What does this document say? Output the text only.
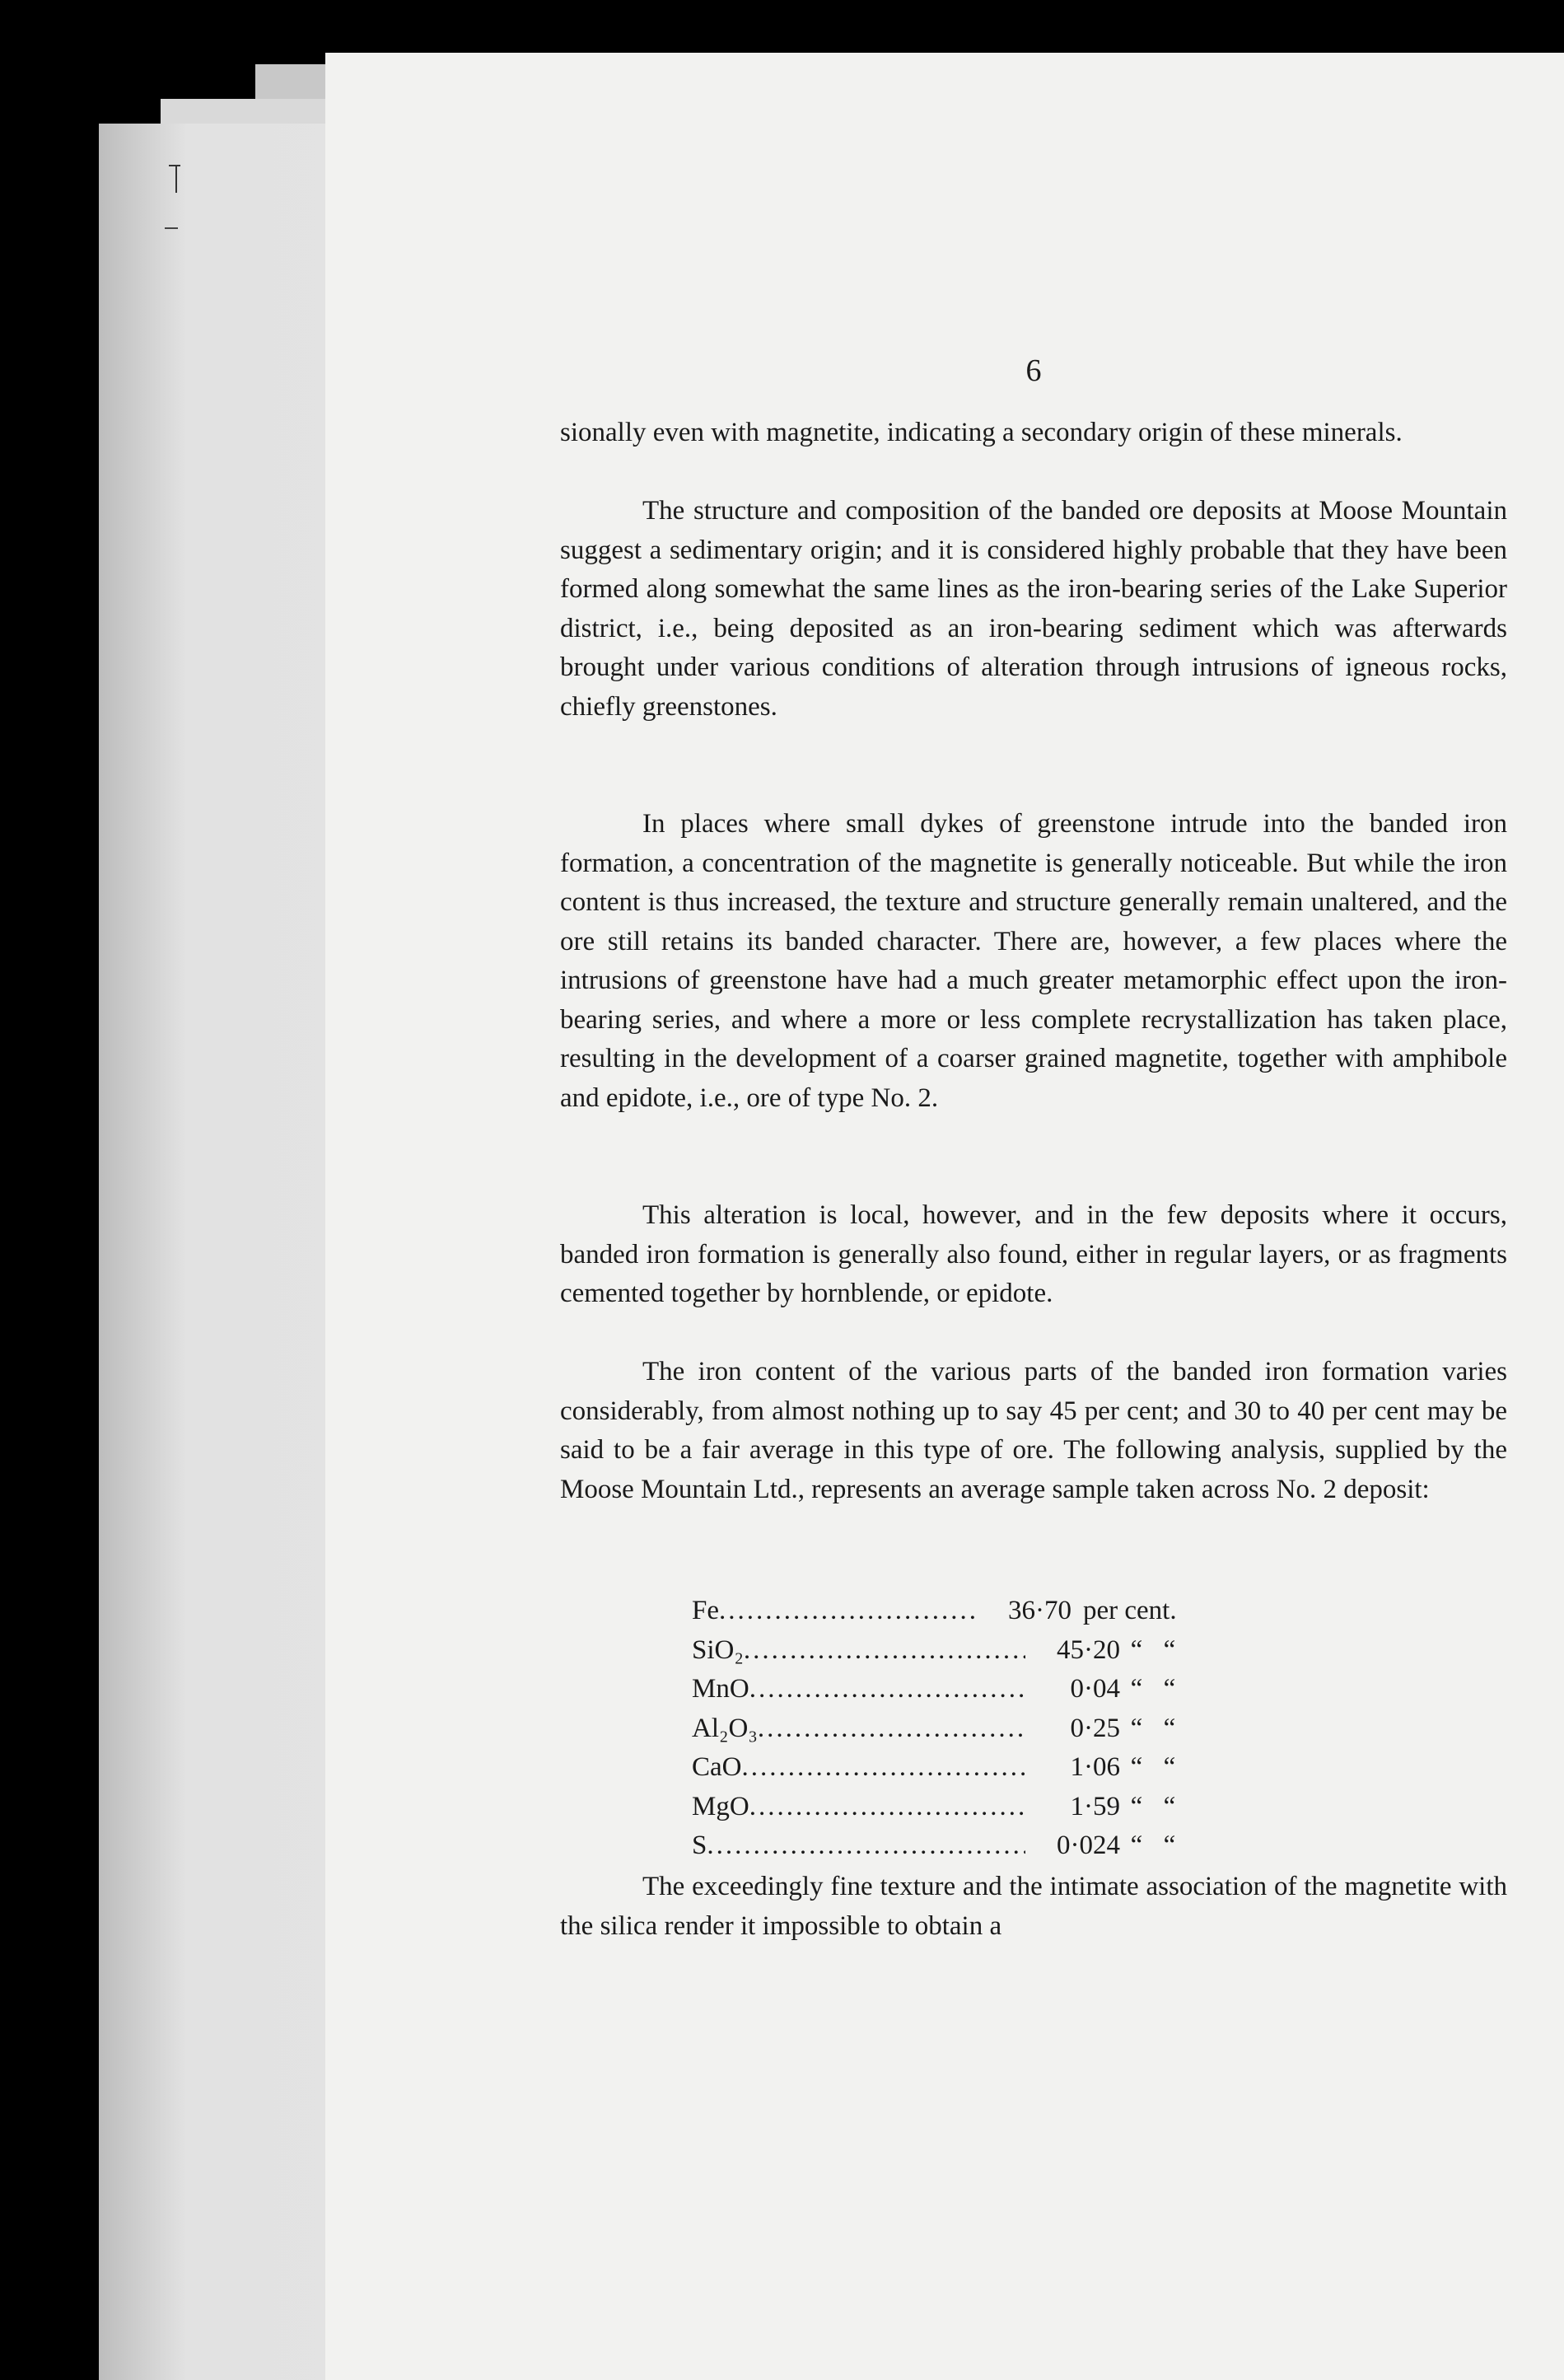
6

sionally even with magnetite, indicating a secondary origin of these minerals.

The structure and composition of the banded ore deposits at Moose Mountain suggest a sedimentary origin; and it is considered highly probable that they have been formed along somewhat the same lines as the iron-bearing series of the Lake Superior district, i.e., being deposited as an iron-bearing sediment which was afterwards brought under various conditions of alteration through intrusions of igneous rocks, chiefly greenstones.

In places where small dykes of greenstone intrude into the banded iron formation, a concentration of the magnetite is generally noticeable. But while the iron content is thus increased, the texture and structure generally remain unaltered, and the ore still retains its banded character. There are, however, a few places where the intrusions of greenstone have had a much greater metamorphic effect upon the iron-bearing series, and where a more or less complete recrystallization has taken place, resulting in the development of a coarser grained magnetite, together with amphibole and epidote, i.e., ore of type No. 2.

This alteration is local, however, and in the few deposits where it occurs, banded iron formation is generally also found, either in regular layers, or as fragments cemented together by hornblende, or epidote.

The iron content of the various parts of the banded iron formation varies considerably, from almost nothing up to say 45 per cent; and 30 to 40 per cent may be said to be a fair average in this type of ore. The following analysis, supplied by the Moose Mountain Ltd., represents an average sample taken across No. 2 deposit:

Fe .....	36·70 per cent.
SiO₂ .....	45·20 “ “
MnO .....	0·04 “ “
Al₂O₃ .....	0·25 “ “
CaO .....	1·06 “ “
MgO .....	1·59 “ “
S .....	0·024 “ “

The exceedingly fine texture and the intimate association of the magnetite with the silica render it impossible to obtain a
